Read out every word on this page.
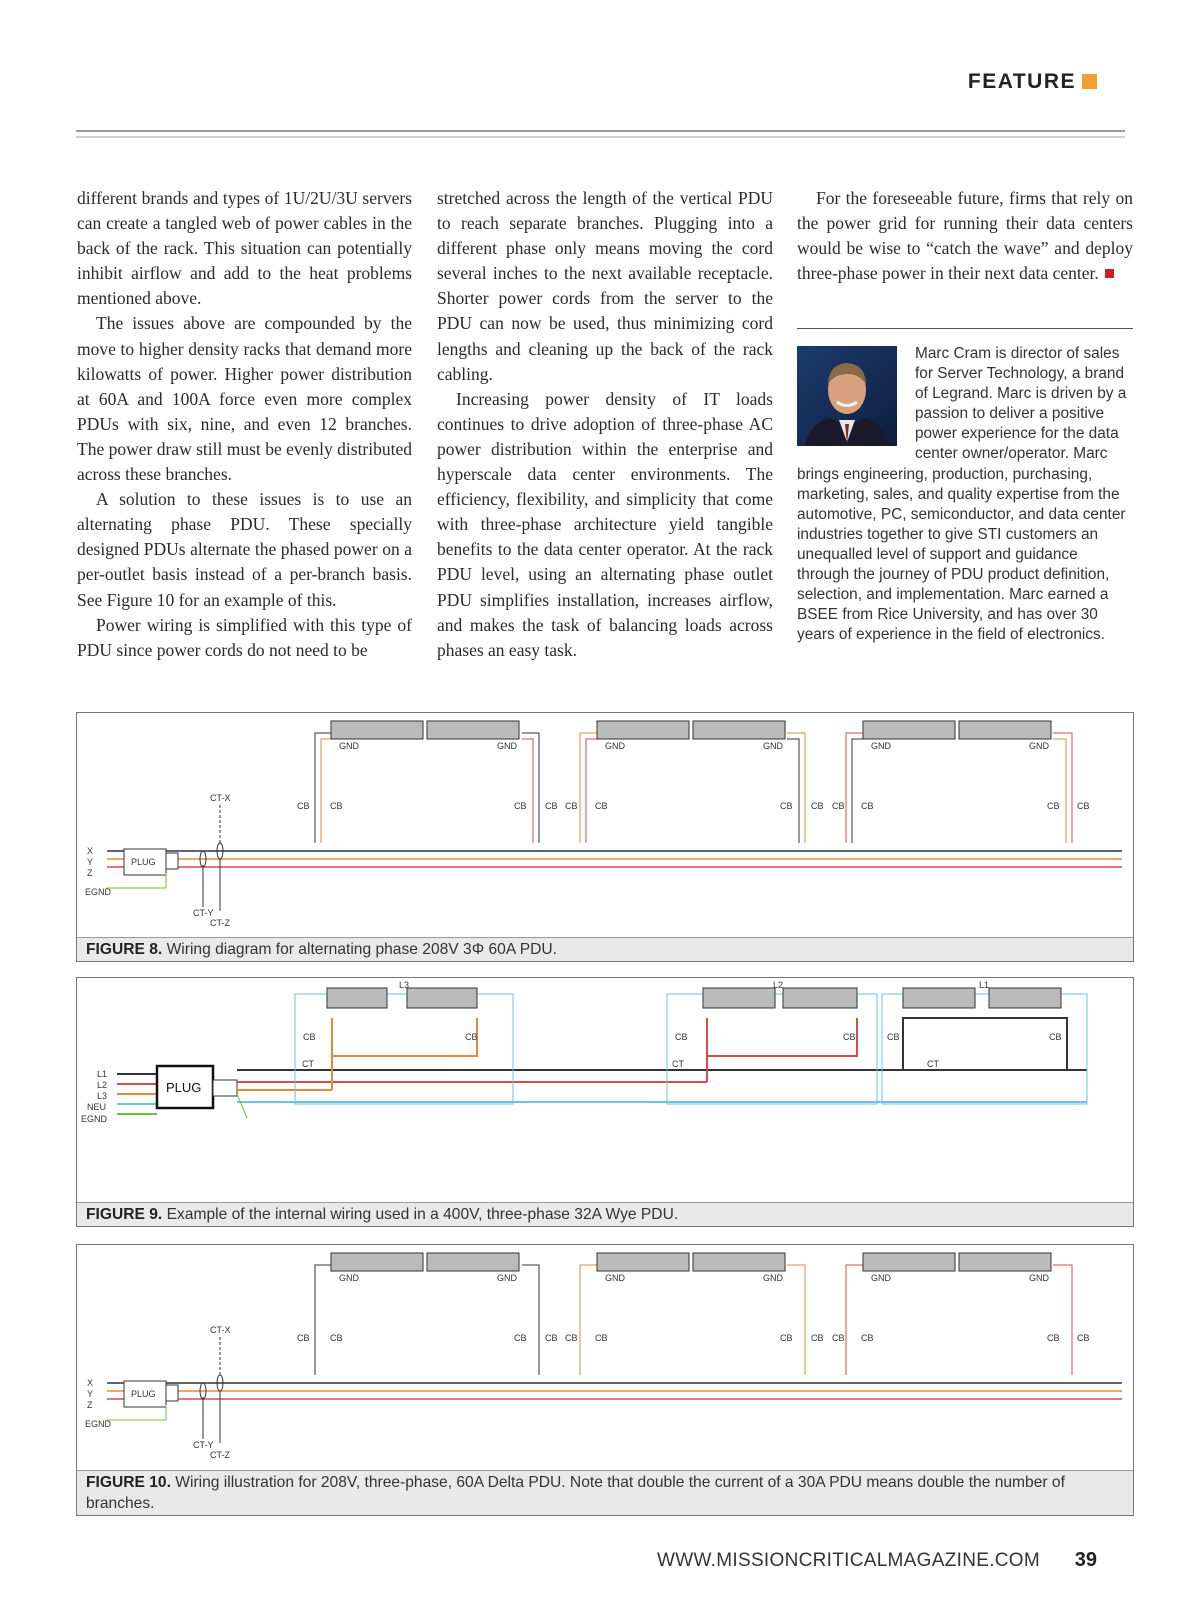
FEATURE

different brands and types of 1U/2U/3U servers can create a tangled web of power cables in the back of the rack. This situation can potentially inhibit airflow and add to the heat problems mentioned above.

The issues above are compounded by the move to higher density racks that demand more kilowatts of power. Higher power distribution at 60A and 100A force even more complex PDUs with six, nine, and even 12 branches. The power draw still must be evenly distributed across these branches.

A solution to these issues is to use an alternating phase PDU. These specially designed PDUs alternate the phased power on a per-outlet basis instead of a per-branch basis. See Figure 10 for an example of this.

Power wiring is simplified with this type of PDU since power cords do not need to be

stretched across the length of the vertical PDU to reach separate branches. Plugging into a different phase only means moving the cord several inches to the next available receptacle. Shorter power cords from the server to the PDU can now be used, thus minimizing cord lengths and cleaning up the back of the rack cabling.

Increasing power density of IT loads continues to drive adoption of three-phase AC power distribution within the enterprise and hyperscale data center environments. The efficiency, flexibility, and simplicity that come with three-phase architecture yield tangible benefits to the data center operator. At the rack PDU level, using an alternating phase outlet PDU simplifies installation, increases airflow, and makes the task of balancing loads across phases an easy task.

For the foreseeable future, firms that rely on the power grid for running their data centers would be wise to “catch the wave” and deploy three-phase power in their next data center.

Marc Cram is director of sales for Server Technology, a brand of Legrand. Marc is driven by a passion to deliver a positive power experience for the data center owner/operator. Marc brings engineering, production, purchasing, marketing, sales, and quality expertise from the automotive, PC, semiconductor, and data center industries together to give STI customers an unequalled level of support and guidance through the journey of PDU product definition, selection, and implementation. Marc earned a BSEE from Rice University, and has over 30 years of experience in the field of electronics.
X
Y
Z
EGND
PLUG
CT-X
CT-Y
CT-Z
GND	GND
CB CB	CB CB
GND	GND
CB CB	CB CB
GND	GND
CB CB	CB CB
FIGURE 8. Wiring diagram for alternating phase 208V 3Φ 60A PDU.
L1
L2
L3
NEU
EGND
PLUG
CT	CT	CT
L3
CB	CB
L2
CB	CB
L1
CB	CB
FIGURE 9. Example of the internal wiring used in a 400V, three-phase 32A Wye PDU.
X
Y
Z
EGND
PLUG
CT-X
CT-Y
CT-Z
GND	GND
CB CB	CB CB
GND	GND
CB CB	CB CB
GND	GND
CB CB	CB CB
FIGURE 10. Wiring illustration for 208V, three-phase, 60A Delta PDU. Note that double the current of a 30A PDU means double the number of branches.
WWW.MISSIONCRITICALMAGAZINE.COM 39
